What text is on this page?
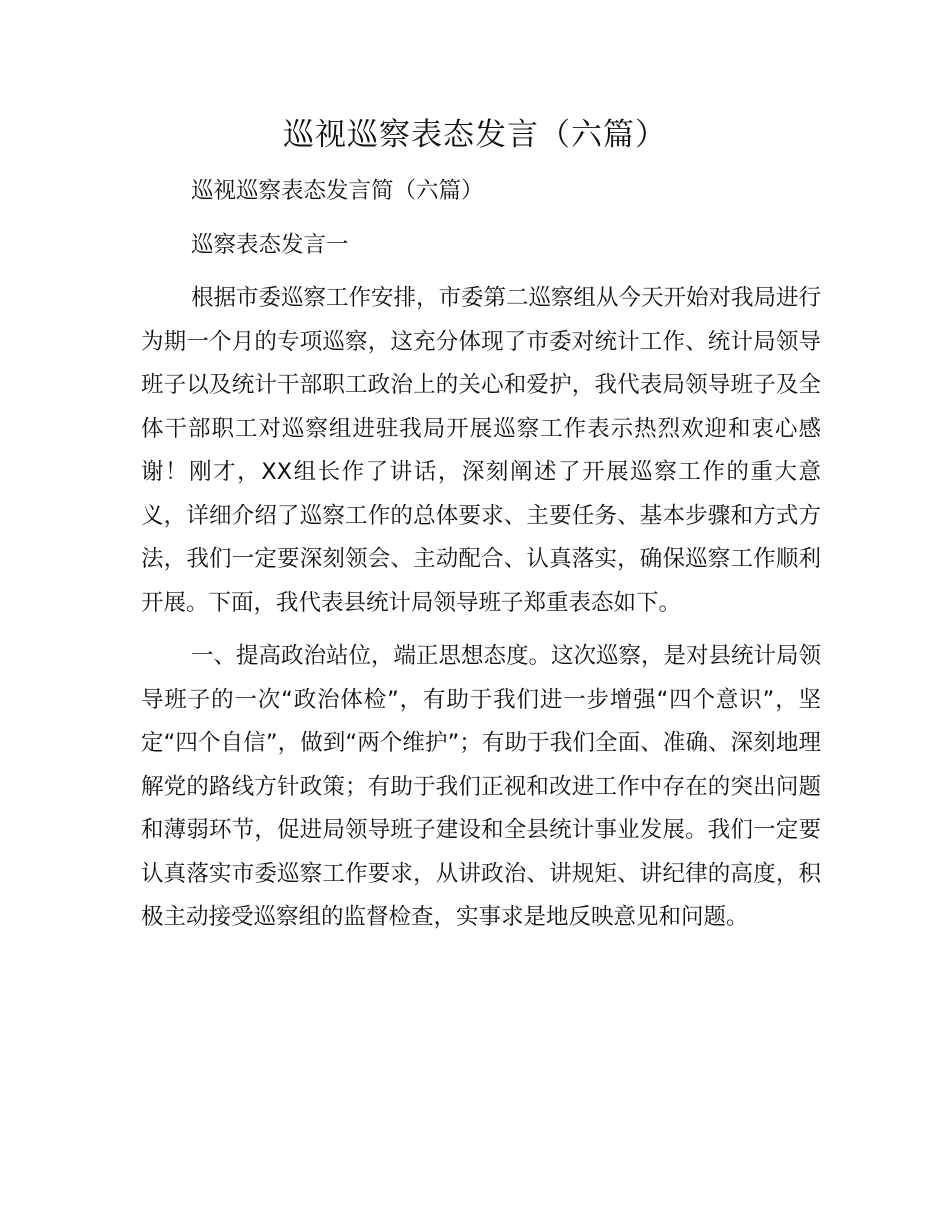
巡视巡察表态发言（六篇）

巡视巡察表态发言简（六篇）

巡察表态发言一

根据市委巡察工作安排，市委第二巡察组从今天开始对我局进行为期一个月的专项巡察，这充分体现了市委对统计工作、统计局领导班子以及统计干部职工政治上的关心和爱护，我代表局领导班子及全体干部职工对巡察组进驻我局开展巡察工作表示热烈欢迎和衷心感谢！刚才，XX组长作了讲话，深刻阐述了开展巡察工作的重大意义，详细介绍了巡察工作的总体要求、主要任务、基本步骤和方式方法，我们一定要深刻领会、主动配合、认真落实，确保巡察工作顺利开展。下面，我代表县统计局领导班子郑重表态如下。

一、提高政治站位，端正思想态度。这次巡察，是对县统计局领导班子的一次“政治体检”，有助于我们进一步增强“四个意识”，坚定“四个自信”，做到“两个维护”；有助于我们全面、准确、深刻地理解党的路线方针政策；有助于我们正视和改进工作中存在的突出问题和薄弱环节，促进局领导班子建设和全县统计事业发展。我们一定要认真落实市委巡察工作要求，从讲政治、讲规矩、讲纪律的高度，积极主动接受巡察组的监督检查，实事求是地反映意见和问题。
